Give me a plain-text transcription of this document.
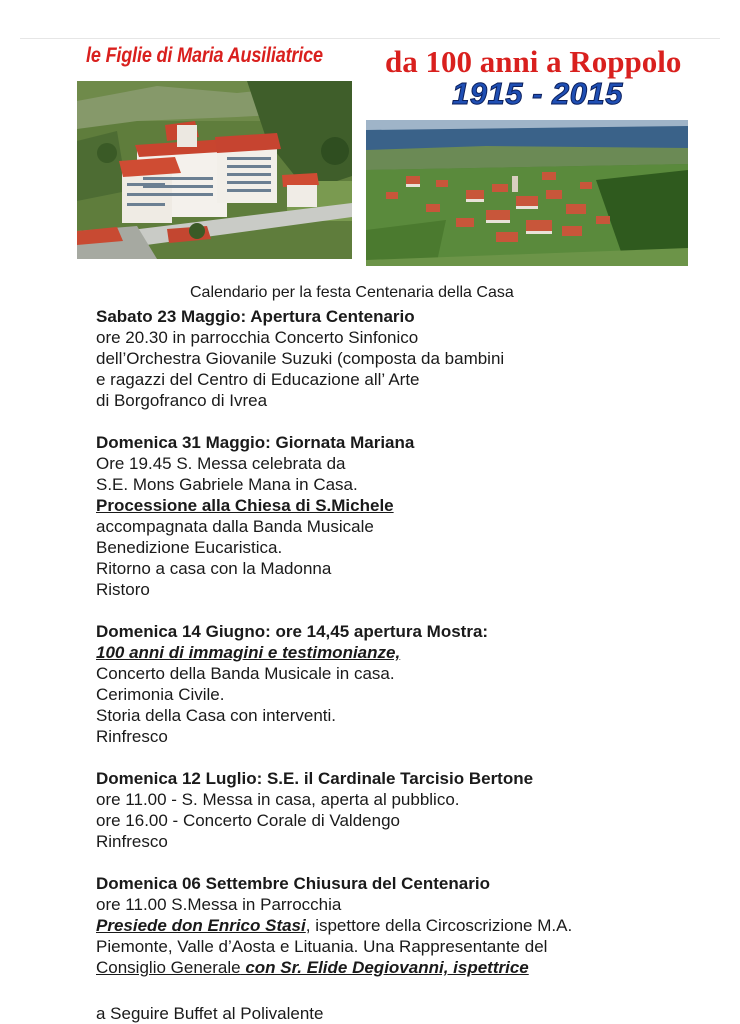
le Figlie di Maria Ausiliatrice da 100 anni a Roppolo
1915 - 2015
Calendario per la festa Centenaria della Casa
Sabato 23 Maggio: Apertura Centenario
ore 20.30 in parrocchia Concerto Sinfonico
dell’Orchestra Giovanile Suzuki (composta da bambini
e ragazzi del Centro di Educazione all’ Arte
di Borgofranco di Ivrea
Domenica 31 Maggio: Giornata Mariana
Ore 19.45 S. Messa celebrata da
S.E. Mons Gabriele Mana in Casa.
Processione alla Chiesa di S.Michele
accompagnata dalla Banda Musicale
Benedizione Eucaristica.
Ritorno a casa con la Madonna
Ristoro
Domenica 14 Giugno: ore 14,45 apertura Mostra:
100 anni di immagini e testimonianze,
Concerto della Banda Musicale in casa.
Cerimonia Civile.
Storia della Casa con interventi.
Rinfresco
Domenica 12 Luglio: S.E. il Cardinale Tarcisio Bertone
ore 11.00 - S. Messa in casa, aperta al pubblico.
ore 16.00 - Concerto Corale di Valdengo
Rinfresco
Domenica 06 Settembre Chiusura del Centenario
ore 11.00 S.Messa in Parrocchia
Presiede don Enrico Stasi, ispettore della Circoscrizione M.A.
Piemonte, Valle d’Aosta e Lituania. Una Rappresentante del
Consiglio Generale con Sr. Elide Degiovanni, ispettrice
a Seguire Buffet al Polivalente
